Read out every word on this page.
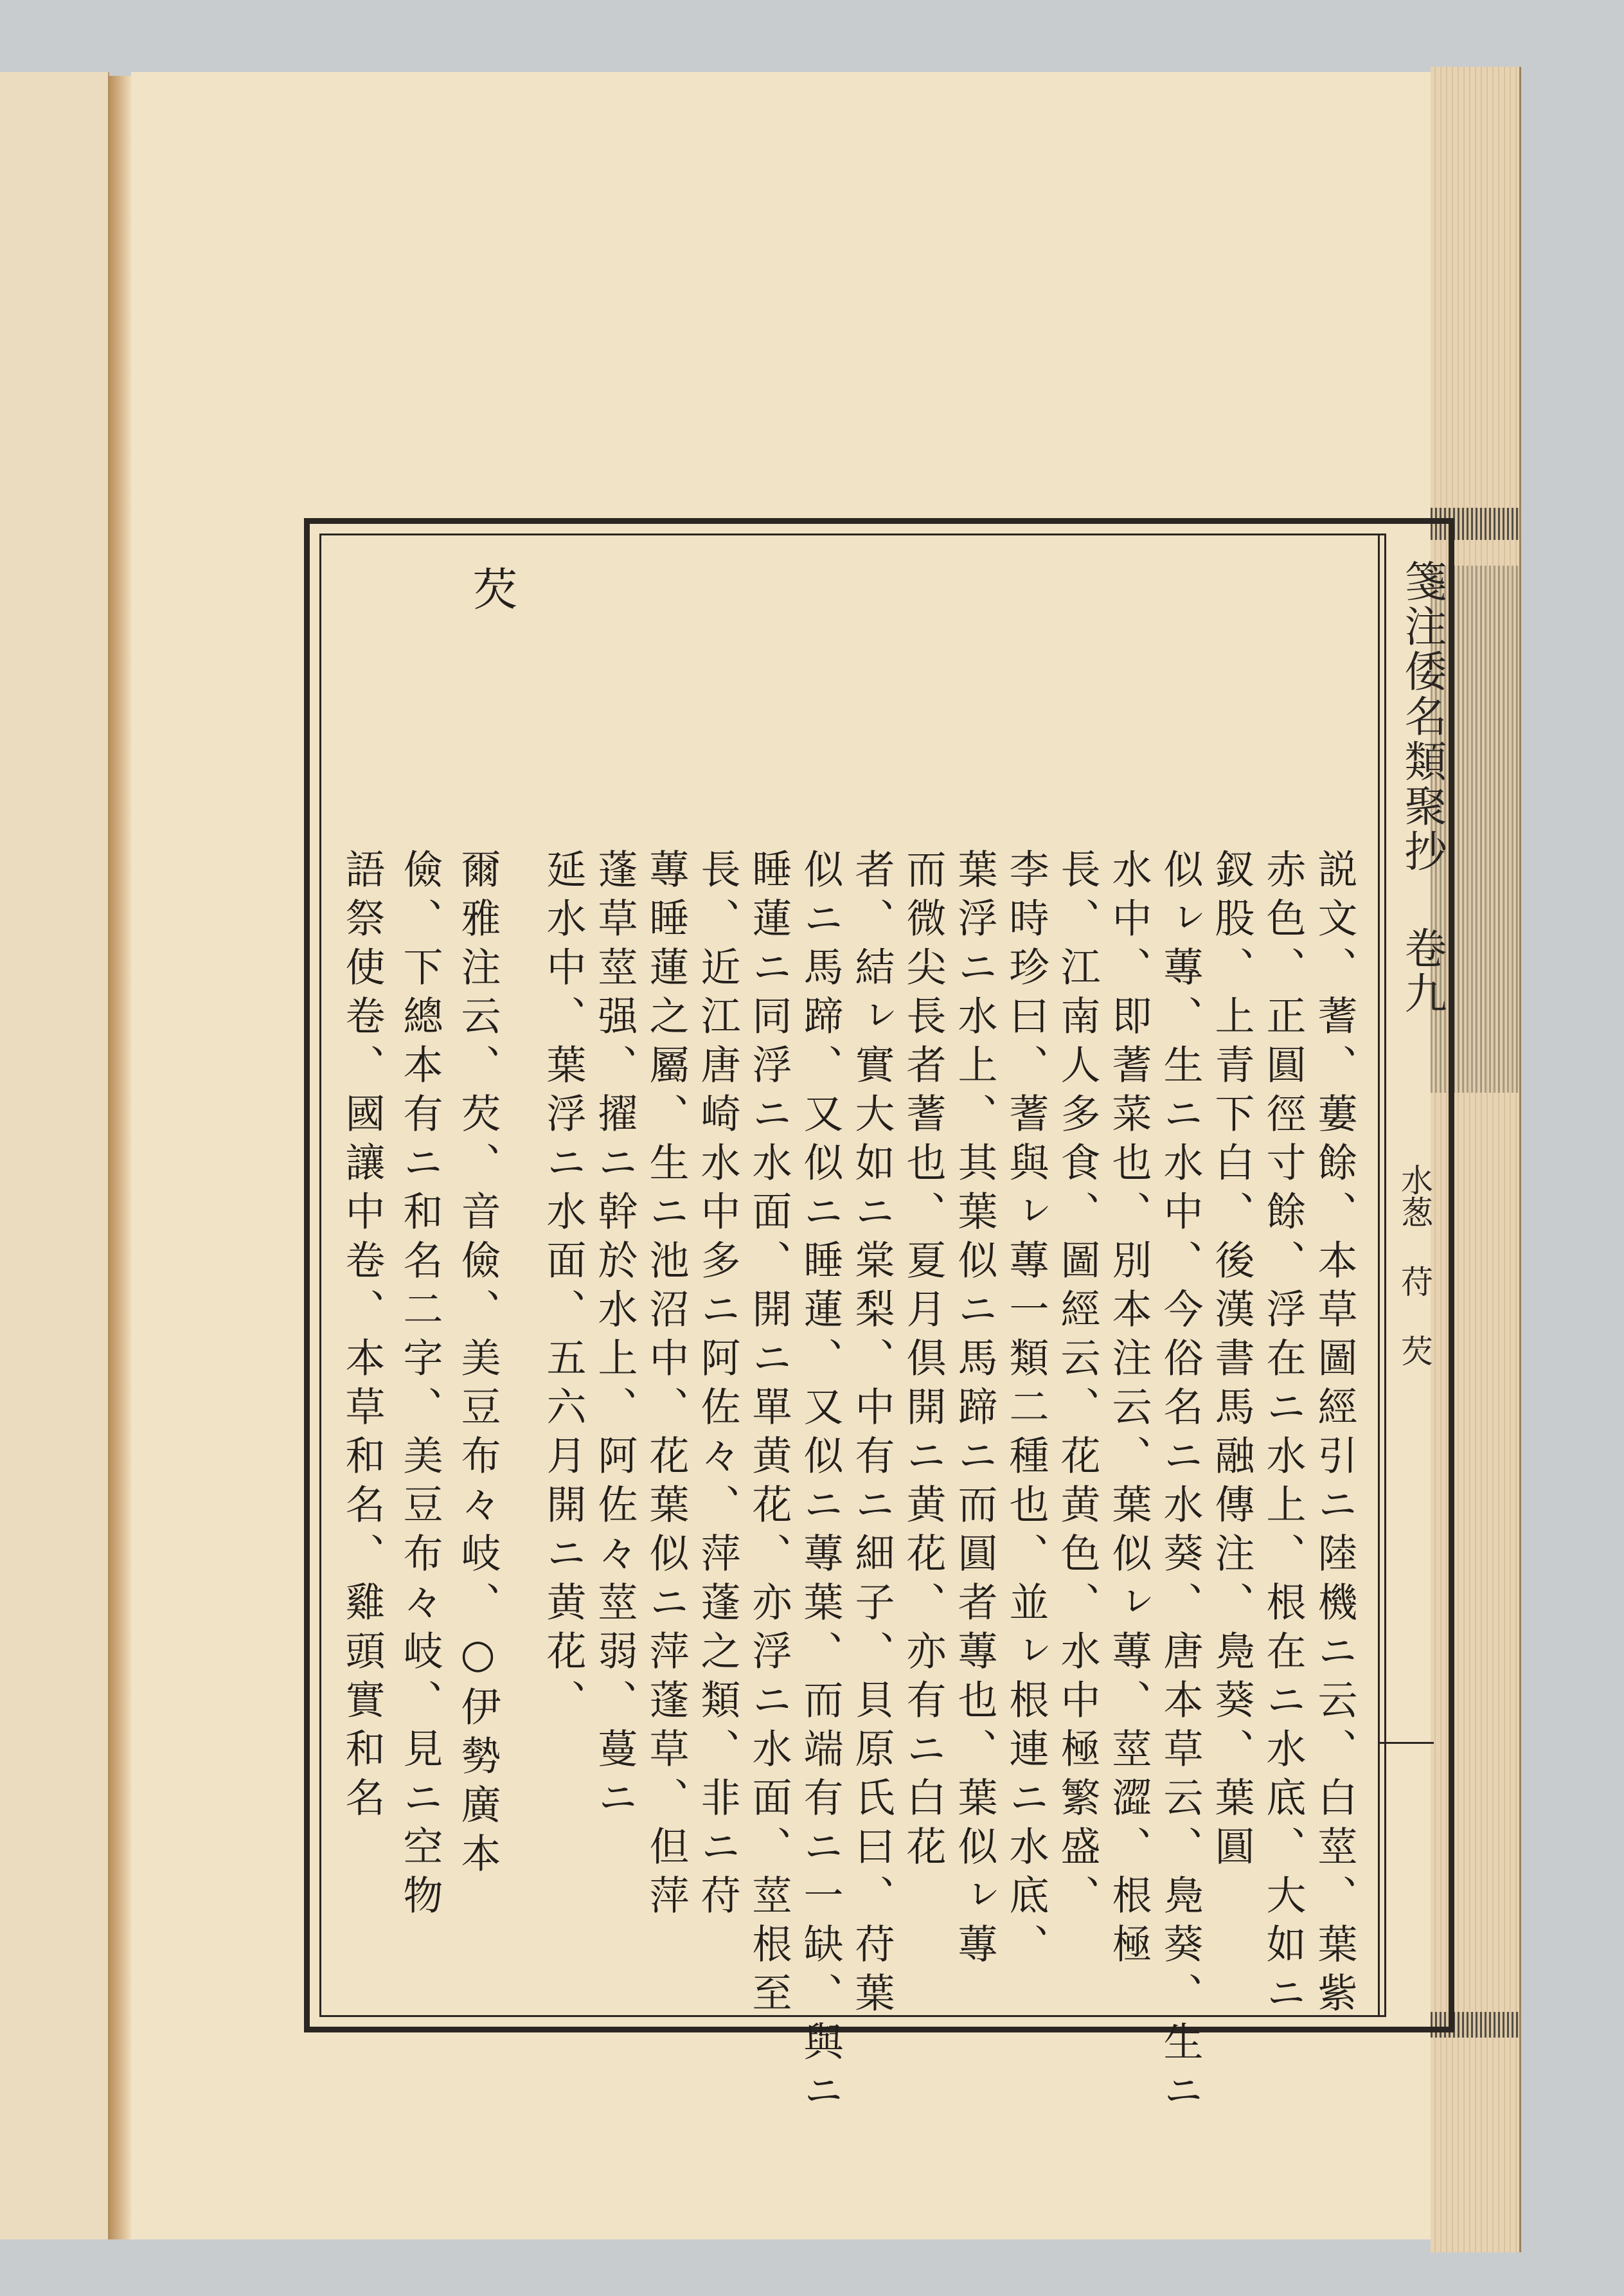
箋注倭名類聚抄 卷九
水葱 苻 芡
芡
説文、蓍、蔞餘、本草圖經引ニ陸機ニ云、白莖、葉紫
赤色、正圓徑寸餘、浮在ニ水上、根在ニ水底、大如ニ
釵股、上青下白、後漢書馬融傳注、鳧葵、葉圓
似ㇾ蓴、生ニ水中、今俗名ニ水葵、唐本草云、鳧葵、生ニ
水中、即蓍菜也、別本注云、葉似ㇾ蓴、莖澀、根極
長、江南人多食、圖經云、花黄色、水中極繁盛、
李時珍曰、蓍與ㇾ蓴一類二種也、並ㇾ根連ニ水底、
葉浮ニ水上、其葉似ニ馬蹄ニ而圓者蓴也、葉似ㇾ蓴
而微尖長者蓍也、夏月倶開ニ黄花、亦有ニ白花
者、結ㇾ實大如ニ棠梨、中有ニ細子、貝原氏曰、苻葉
似ニ馬蹄、又似ニ睡蓮、又似ニ蓴葉、而端有ニ一缺、與ニ
睡蓮ニ同浮ニ水面、開ニ單黄花、亦浮ニ水面、莖根至
長、近江唐崎水中多ニ阿佐々、萍蓬之類、非ニ苻
蓴睡蓮之屬、生ニ池沼中、花葉似ニ萍蓬草、但萍
蓬草莖强、擢ニ幹於水上、阿佐々莖弱、蔓ニ
延水中、葉浮ニ水面、五六月開ニ黄花、
爾雅注云、芡、音儉、美豆布々岐、○伊勢廣本
儉、下總本有ニ和名二字、美豆布々岐、見ニ空物
語祭使卷、國讓中卷、本草和名、雞頭實和名
